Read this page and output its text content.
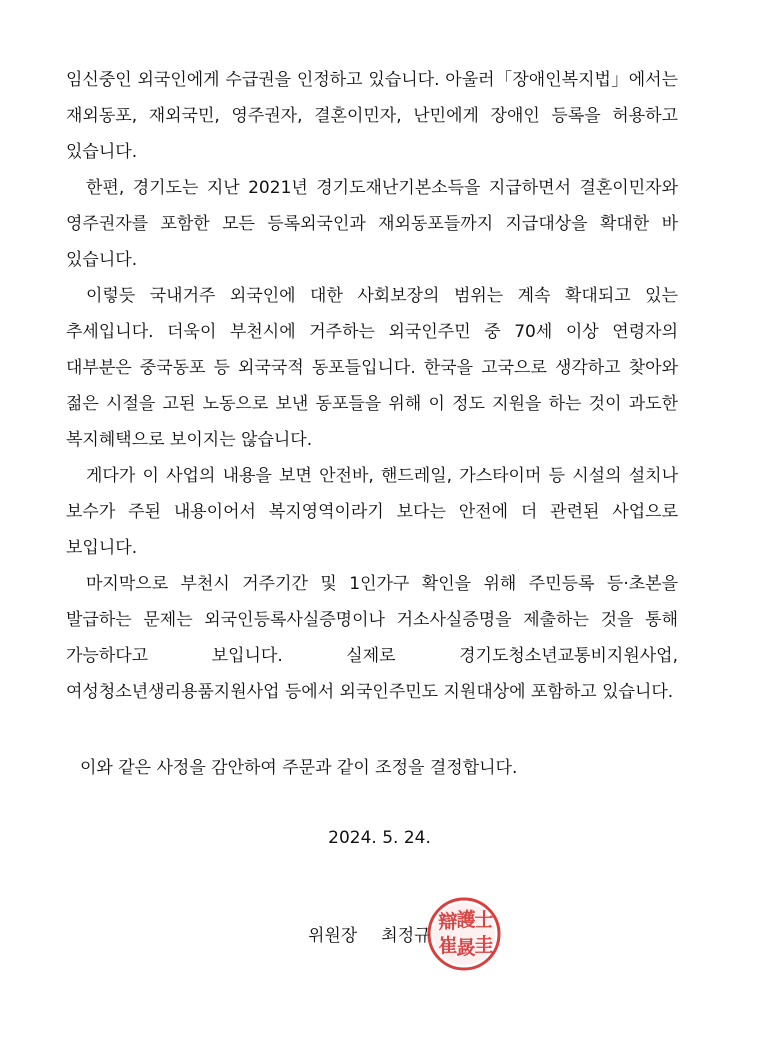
임신중인 외국인에게 수급권을 인정하고 있습니다. 아울러「장애인복지법」에서는 재외동포, 재외국민, 영주권자, 결혼이민자, 난민에게 장애인 등록을 허용하고 있습니다.

한편, 경기도는 지난 2021년 경기도재난기본소득을 지급하면서 결혼이민자와 영주권자를 포함한 모든 등록외국인과 재외동포들까지 지급대상을 확대한 바 있습니다.

이렇듯 국내거주 외국인에 대한 사회보장의 범위는 계속 확대되고 있는 추세입니다. 더욱이 부천시에 거주하는 외국인주민 중 70세 이상 연령자의 대부분은 중국동포 등 외국국적 동포들입니다. 한국을 고국으로 생각하고 찾아와 젊은 시절을 고된 노동으로 보낸 동포들을 위해 이 정도 지원을 하는 것이 과도한 복지혜택으로 보이지는 않습니다.

게다가 이 사업의 내용을 보면 안전바, 핸드레일, 가스타이머 등 시설의 설치나 보수가 주된 내용이어서 복지영역이라기 보다는 안전에 더 관련된 사업으로 보입니다.

마지막으로 부천시 거주기간 및 1인가구 확인을 위해 주민등록 등·초본을 발급하는 문제는 외국인등록사실증명이나 거소사실증명을 제출하는 것을 통해 가능하다고 보입니다. 실제로 경기도청소년교통비지원사업, 여성청소년생리용품지원사업 등에서 외국인주민도 지원대상에 포함하고 있습니다.

이와 같은 사정을 감안하여 주문과 같이 조정을 결정합니다.

2024. 5. 24.

위원장 최정규
辯
護
士
崔
晸
圭
